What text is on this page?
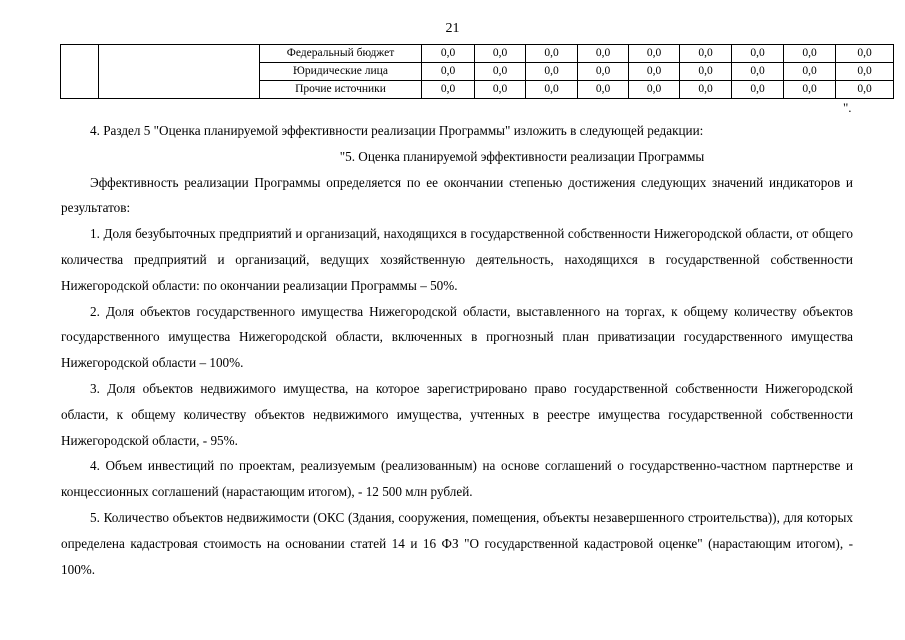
21
		Федеральный бюджет	0,0	0,0	0,0	0,0	0,0	0,0	0,0	0,0	0,0
		Юридические лица	0,0	0,0	0,0	0,0	0,0	0,0	0,0	0,0	0,0
		Прочие источники	0,0	0,0	0,0	0,0	0,0	0,0	0,0	0,0	0,0
".

4. Раздел 5 "Оценка планируемой эффективности реализации Программы" изложить в следующей редакции:

"5. Оценка планируемой эффективности реализации Программы

Эффективность реализации Программы определяется по ее окончании степенью достижения следующих значений индикаторов и результатов:

1. Доля безубыточных предприятий и организаций, находящихся в государственной собственности Нижегородской области, от общего количества предприятий и организаций, ведущих хозяйственную деятельность, находящихся в государственной собственности Нижегородской области: по окончании реализации Программы – 50%.

2. Доля объектов государственного имущества Нижегородской области, выставленного на торгах, к общему количеству объектов государственного имущества Нижегородской области, включенных в прогнозный план приватизации государственного имущества Нижегородской области – 100%.

3. Доля объектов недвижимого имущества, на которое зарегистрировано право государственной собственности Нижегородской области, к общему количеству объектов недвижимого имущества, учтенных в реестре имущества государственной собственности Нижегородской области, - 95%.

4. Объем инвестиций по проектам, реализуемым (реализованным) на основе соглашений о государственно-частном партнерстве и концессионных соглашений (нарастающим итогом), - 12 500 млн рублей.

5. Количество объектов недвижимости (ОКС (Здания, сооружения, помещения, объекты незавершенного строительства)), для которых определена кадастровая стоимость на основании статей 14 и 16 ФЗ "О государственной кадастровой оценке" (нарастающим итогом), - 100%.
